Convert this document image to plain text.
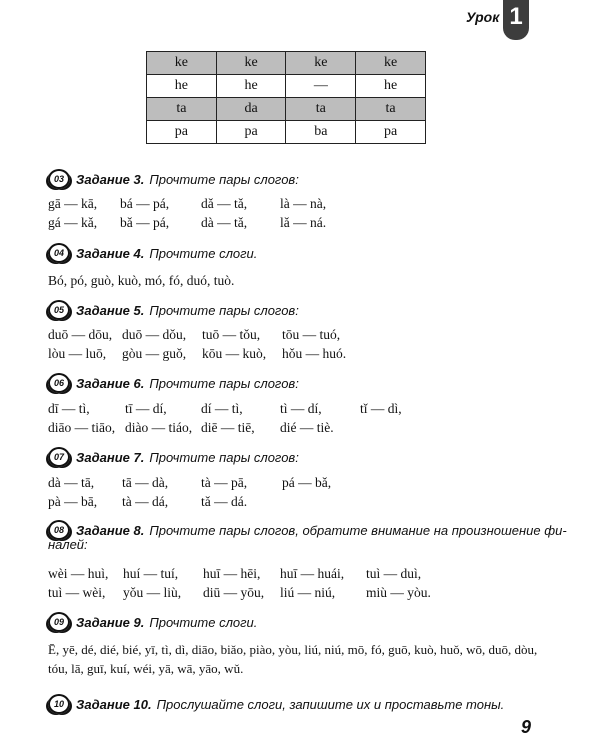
Урок 1
ke	ke	ke	ke
he	he	—	he
ta	da	ta	ta
pa	pa	ba	pa
03 Задание 3. Прочтите пары слогов:
gā — kā, bá — pá, dǎ — tǎ, là — nà,
gá — kǎ, bǎ — pá, dà — tǎ, lǎ — ná.
04 Задание 4. Прочтите слоги.
Bó, pó, guò, kuò, mó, fó, duó, tuò.
05 Задание 5. Прочтите пары слогов:
duō — dōu, duō — dǒu, tuō — tǒu, tōu — tuó,
lòu — luō, gòu — guǒ, kōu — kuò, hǒu — huó.
06 Задание 6. Прочтите пары слогов:
dī — tì,	tī — dí,	dí — tì,	tì — dí,	tǐ — dì,
diāo — tiāo, diào — tiáo, diē — tiē, dié — tiè.
07 Задание 7. Прочтите пары слогов:
dà — tā, tā — dà, tà — pā,	pá — bǎ,
pà — bā, tà — dá, tǎ — dá.
08 Задание 8. Прочтите пары слогов, обратите внимание на произношение фи-
налей:
wèi — huì, huí — tuí, huī — hēi, huī — huái, tuì — duì,
tuì — wèi, yǒu — liù, diū — yōu, liú — niú, miù — yòu.
09 Задание 9. Прочтите слоги.
Ē, yē, dé, dié, bié, yī, tì, dì, diāo, biǎo, piào, yòu, liú, niú, mō, fó, guō, kuò, huǒ, wō, duō, dòu,
tóu, lā, guī, kuí, wéi, yā, wā, yāo, wǔ.
10 Задание 10. Прослушайте слоги, запишите их и проставьте тоны.
9
